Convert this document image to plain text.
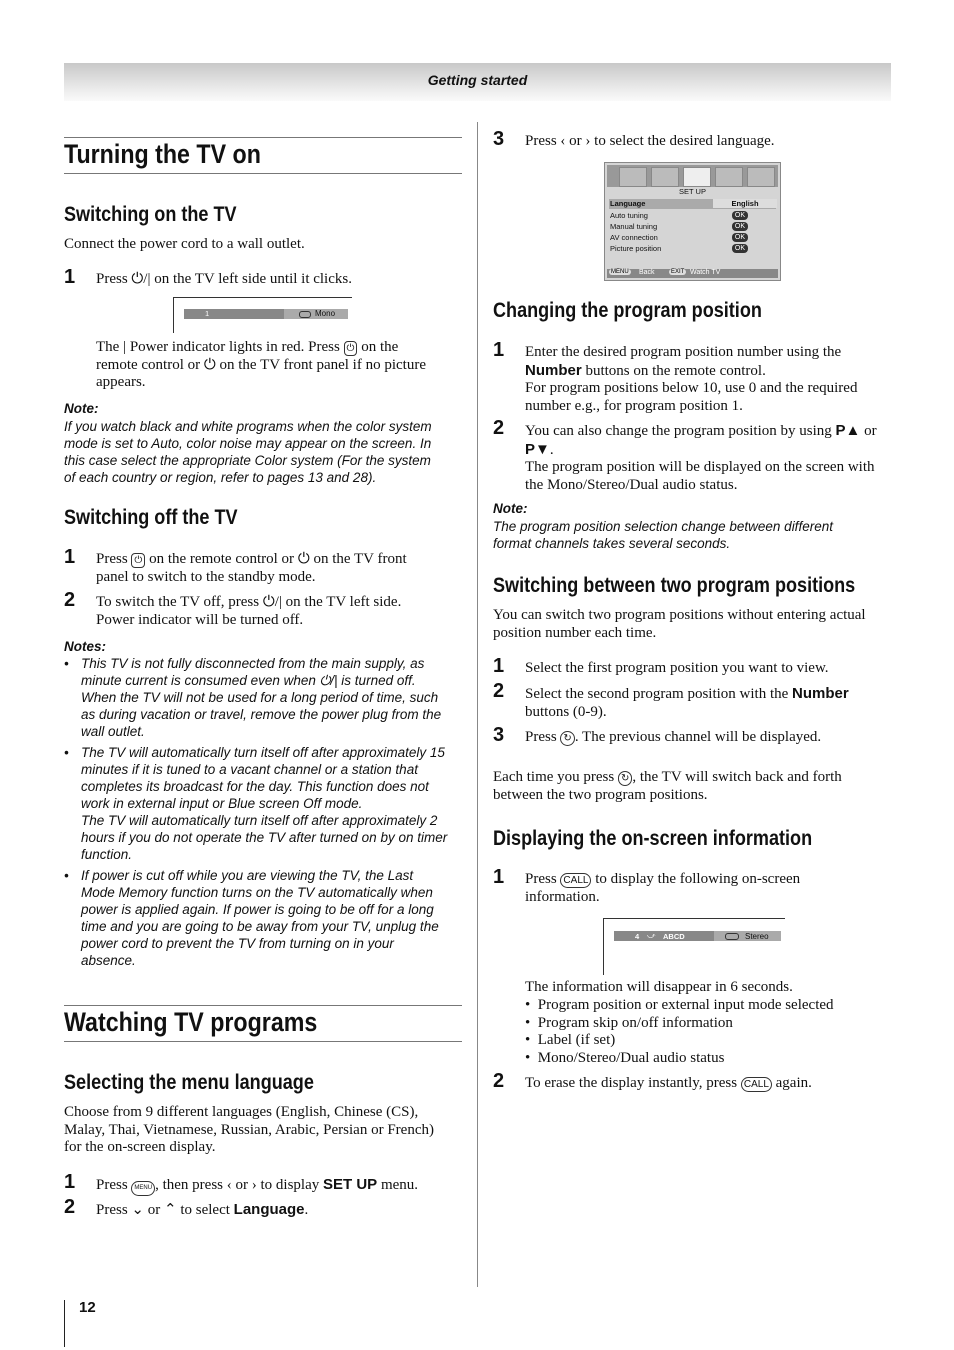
Getting started
Turning the TV on
Switching on the TV
Connect the power cord to a wall outlet.
1 Press ⏻/| on the TV left side until it clicks.
1	Mono
The | Power indicator lights in red. Press ⏻ on the
remote control or ⏻ on the TV front panel if no picture
appears.
Note:
If you watch black and white programs when the color system
mode is set to Auto, color noise may appear on the screen. In
this case select the appropriate Color system (For the system
of each country or region, refer to pages 13 and 28).
Switching off the TV
1 Press ⏻ on the remote control or ⏻ on the TV front
panel to switch to the standby mode.
2 To switch the TV off, press ⏻/| on the TV left side.
Power indicator will be turned off.
Notes:
• This TV is not fully disconnected from the main supply, as
minute current is consumed even when ⏻/| is turned off.
When the TV will not be used for a long period of time, such
as during vacation or travel, remove the power plug from the
wall outlet.
• The TV will automatically turn itself off after approximately 15
minutes if it is tuned to a vacant channel or a station that
completes its broadcast for the day. This function does not
work in external input or Blue screen Off mode.
The TV will automatically turn itself off after approximately 2
hours if you do not operate the TV after turned on by on timer
function.
• If power is cut off while you are viewing the TV, the Last
Mode Memory function turns on the TV automatically when
power is applied again. If power is going to be off for a long
time and you are going to be away from your TV, unplug the
power cord to prevent the TV from turning on in your
absence.
Watching TV programs
Selecting the menu language
Choose from 9 different languages (English, Chinese (CS),
Malay, Thai, Vietnamese, Russian, Arabic, Persian or French)
for the on-screen display.
1 Press MENU , then press ‹ or › to display SET UP menu.
2 Press ⌄ or ⌃ to select Language.
12
3 Press ‹ or › to select the desired language.
SET UP
Language	English
Auto tuning	OK
Manual tuning	OK
AV connection	OK
Picture position	OK
MENU Back	EXIT Watch TV
Changing the program position
1 Enter the desired program position number using the
Number buttons on the remote control.
For program positions below 10, use 0 and the required
number e.g., for program position 1.
2 You can also change the program position by using P▲ or
P▼.
The program position will be displayed on the screen with
the Mono/Stereo/Dual audio status.
Note:
The program position selection change between different
format channels takes several seconds.
Switching between two program positions
You can switch two program positions without entering actual
position number each time.
1 Select the first program position you want to view.
2 Select the second program position with the Number
buttons (0-9).
3 Press ↻ . The previous channel will be displayed.
Each time you press ↻ , the TV will switch back and forth
between the two program positions.
Displaying the on-screen information
1 Press CALL to display the following on-screen
information.
4 ⤻ ABCD	Stereo
The information will disappear in 6 seconds.
•  Program position or external input mode selected
•  Program skip on/off information
•  Label (if set)
•  Mono/Stereo/Dual audio status
2 To erase the display instantly, press CALL again.
